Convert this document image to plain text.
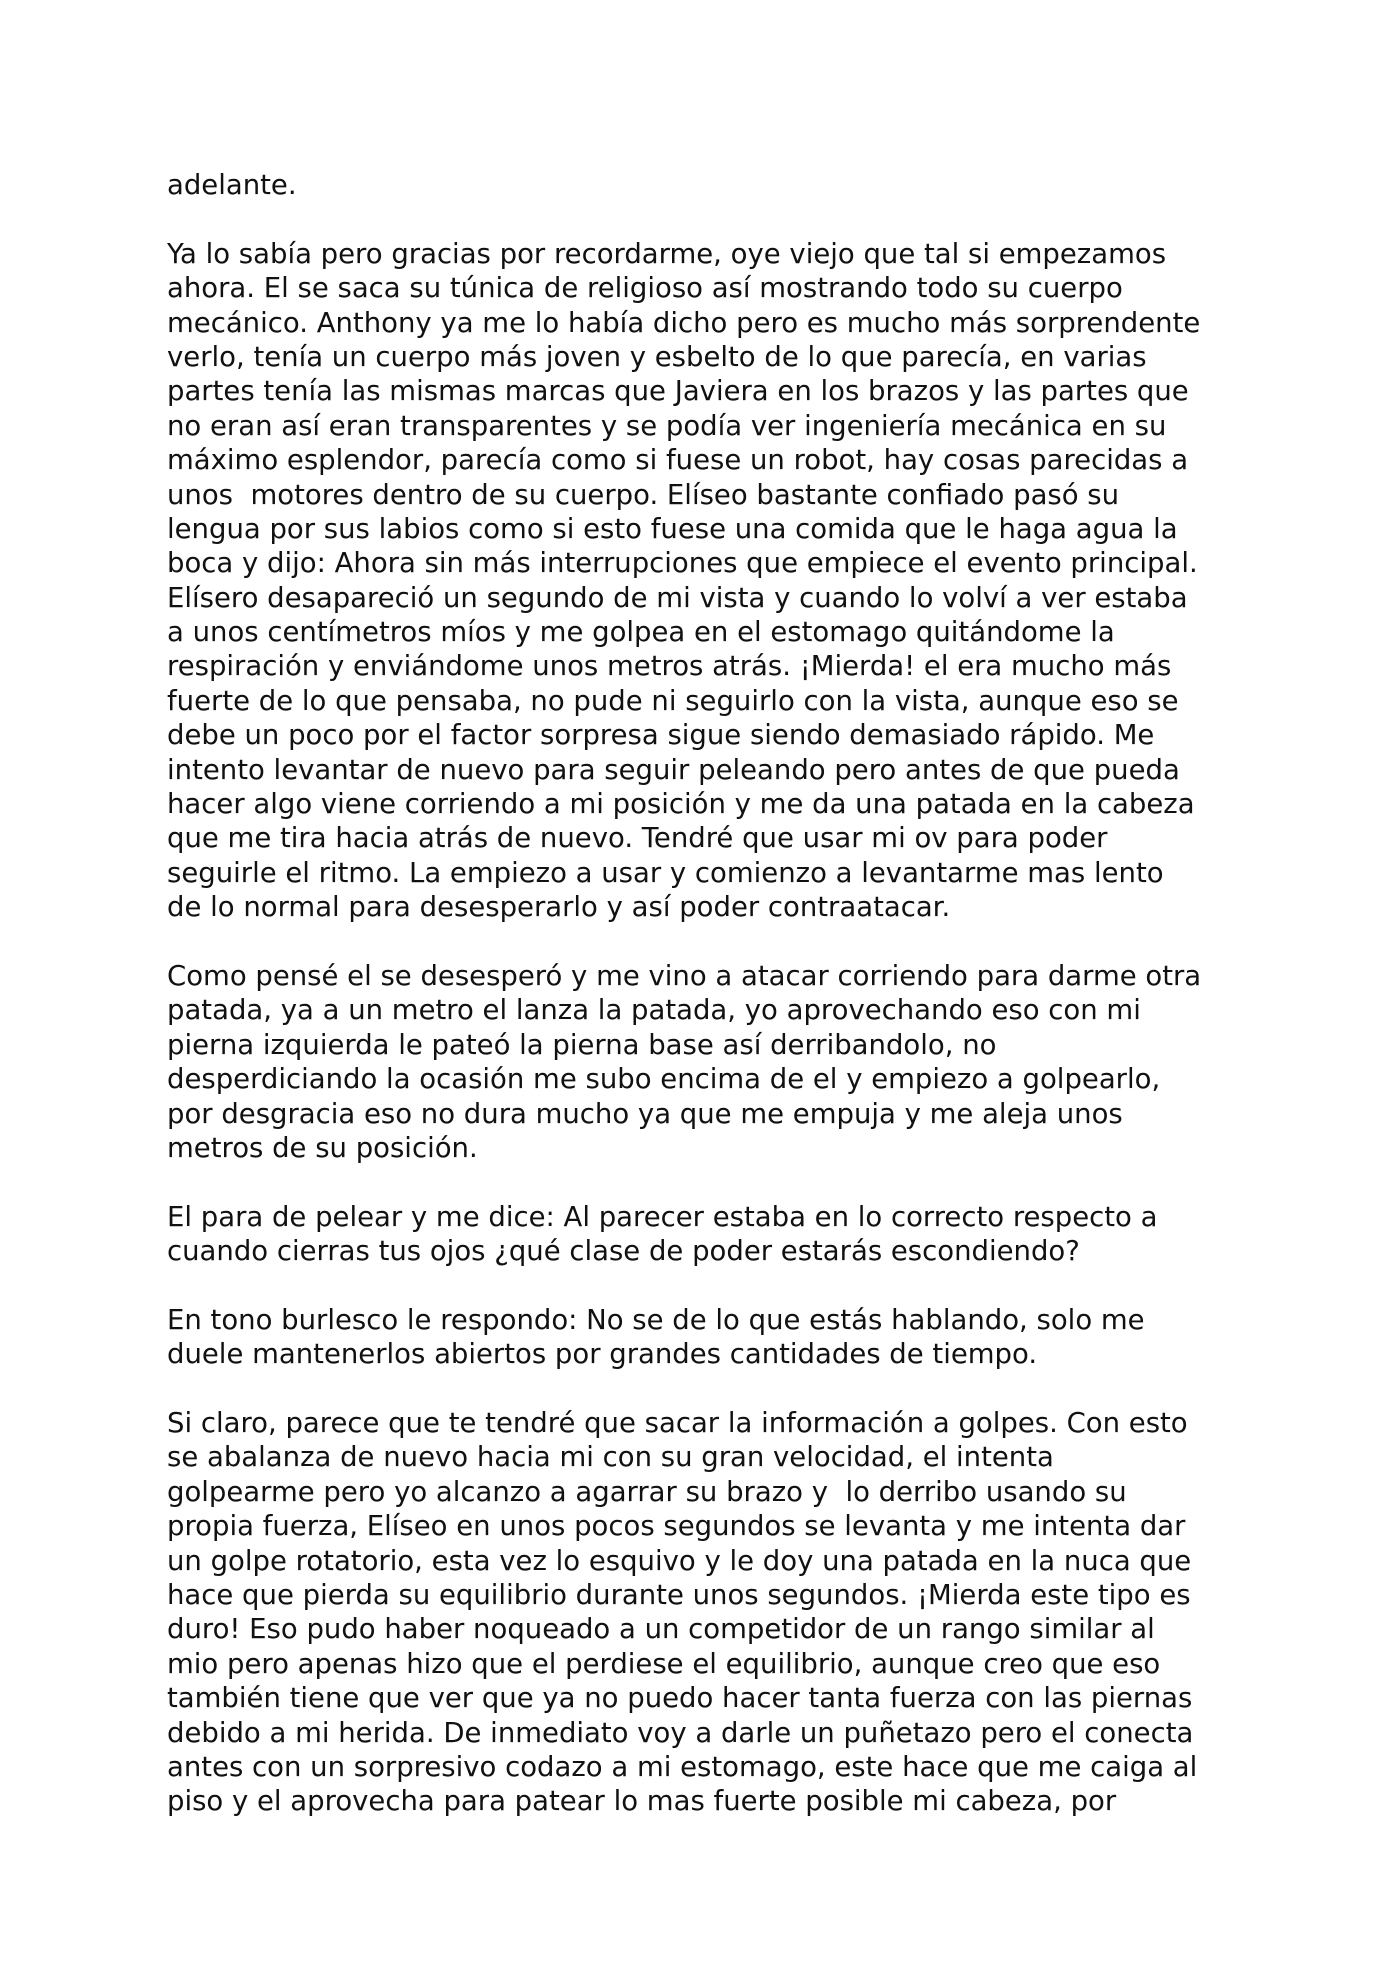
adelante.
Ya lo sabía pero gracias por recordarme, oye viejo que tal si empezamos
ahora. El se saca su túnica de religioso así mostrando todo su cuerpo
mecánico. Anthony ya me lo había dicho pero es mucho más sorprendente
verlo, tenía un cuerpo más joven y esbelto de lo que parecía, en varias
partes tenía las mismas marcas que Javiera en los brazos y las partes que
no eran así eran transparentes y se podía ver ingeniería mecánica en su
máximo esplendor, parecía como si fuese un robot, hay cosas parecidas a
unos  motores dentro de su cuerpo. Elíseo bastante confiado pasó su
lengua por sus labios como si esto fuese una comida que le haga agua la
boca y dijo: Ahora sin más interrupciones que empiece el evento principal.
Elísero desapareció un segundo de mi vista y cuando lo volví a ver estaba
a unos centímetros míos y me golpea en el estomago quitándome la
respiración y enviándome unos metros atrás. ¡Mierda! el era mucho más
fuerte de lo que pensaba, no pude ni seguirlo con la vista, aunque eso se
debe un poco por el factor sorpresa sigue siendo demasiado rápido. Me
intento levantar de nuevo para seguir peleando pero antes de que pueda
hacer algo viene corriendo a mi posición y me da una patada en la cabeza
que me tira hacia atrás de nuevo. Tendré que usar mi ov para poder
seguirle el ritmo. La empiezo a usar y comienzo a levantarme mas lento
de lo normal para desesperarlo y así poder contraatacar.
Como pensé el se desesperó y me vino a atacar corriendo para darme otra
patada, ya a un metro el lanza la patada, yo aprovechando eso con mi
pierna izquierda le pateó la pierna base así derribandolo, no
desperdiciando la ocasión me subo encima de el y empiezo a golpearlo,
por desgracia eso no dura mucho ya que me empuja y me aleja unos
metros de su posición.
El para de pelear y me dice: Al parecer estaba en lo correcto respecto a
cuando cierras tus ojos ¿qué clase de poder estarás escondiendo?
En tono burlesco le respondo: No se de lo que estás hablando, solo me
duele mantenerlos abiertos por grandes cantidades de tiempo.
Si claro, parece que te tendré que sacar la información a golpes. Con esto
se abalanza de nuevo hacia mi con su gran velocidad, el intenta
golpearme pero yo alcanzo a agarrar su brazo y  lo derribo usando su
propia fuerza, Elíseo en unos pocos segundos se levanta y me intenta dar
un golpe rotatorio, esta vez lo esquivo y le doy una patada en la nuca que
hace que pierda su equilibrio durante unos segundos. ¡Mierda este tipo es
duro! Eso pudo haber noqueado a un competidor de un rango similar al
mio pero apenas hizo que el perdiese el equilibrio, aunque creo que eso
también tiene que ver que ya no puedo hacer tanta fuerza con las piernas
debido a mi herida. De inmediato voy a darle un puñetazo pero el conecta
antes con un sorpresivo codazo a mi estomago, este hace que me caiga al
piso y el aprovecha para patear lo mas fuerte posible mi cabeza, por
